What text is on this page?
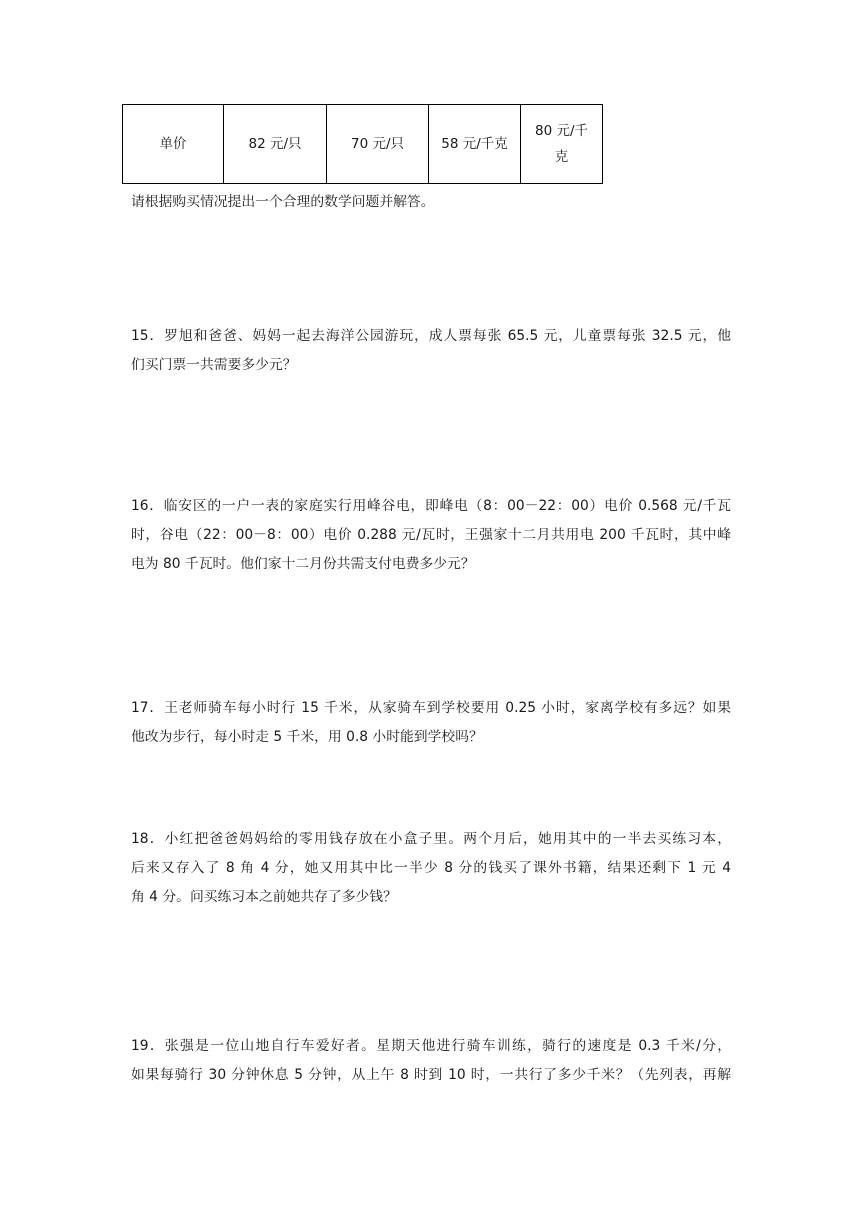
单价	82 元/只	70 元/只	58 元/千克	80 元/千克
请根据购买情况提出一个合理的数学问题并解答。
15．罗旭和爸爸、妈妈一起去海洋公园游玩，成人票每张 65.5 元，儿童票每张 32.5 元，他
们买门票一共需要多少元？
16．临安区的一户一表的家庭实行用峰谷电，即峰电（8：00－22：00）电价 0.568 元/千瓦
时，谷电（22：00－8：00）电价 0.288 元/瓦时，王强家十二月共用电 200 千瓦时，其中峰
电为 80 千瓦时。他们家十二月份共需支付电费多少元？
17．王老师骑车每小时行 15 千米，从家骑车到学校要用 0.25 小时，家离学校有多远？如果
他改为步行，每小时走 5 千米，用 0.8 小时能到学校吗？
18．小红把爸爸妈妈给的零用钱存放在小盒子里。两个月后，她用其中的一半去买练习本，
后来又存入了 8 角 4 分，她又用其中比一半少 8 分的钱买了课外书籍，结果还剩下 1 元 4
角 4 分。问买练习本之前她共存了多少钱？
19．张强是一位山地自行车爱好者。星期天他进行骑车训练，骑行的速度是 0.3 千米/分，
如果每骑行 30 分钟休息 5 分钟，从上午 8 时到 10 时，一共行了多少千米？（先列表，再解
